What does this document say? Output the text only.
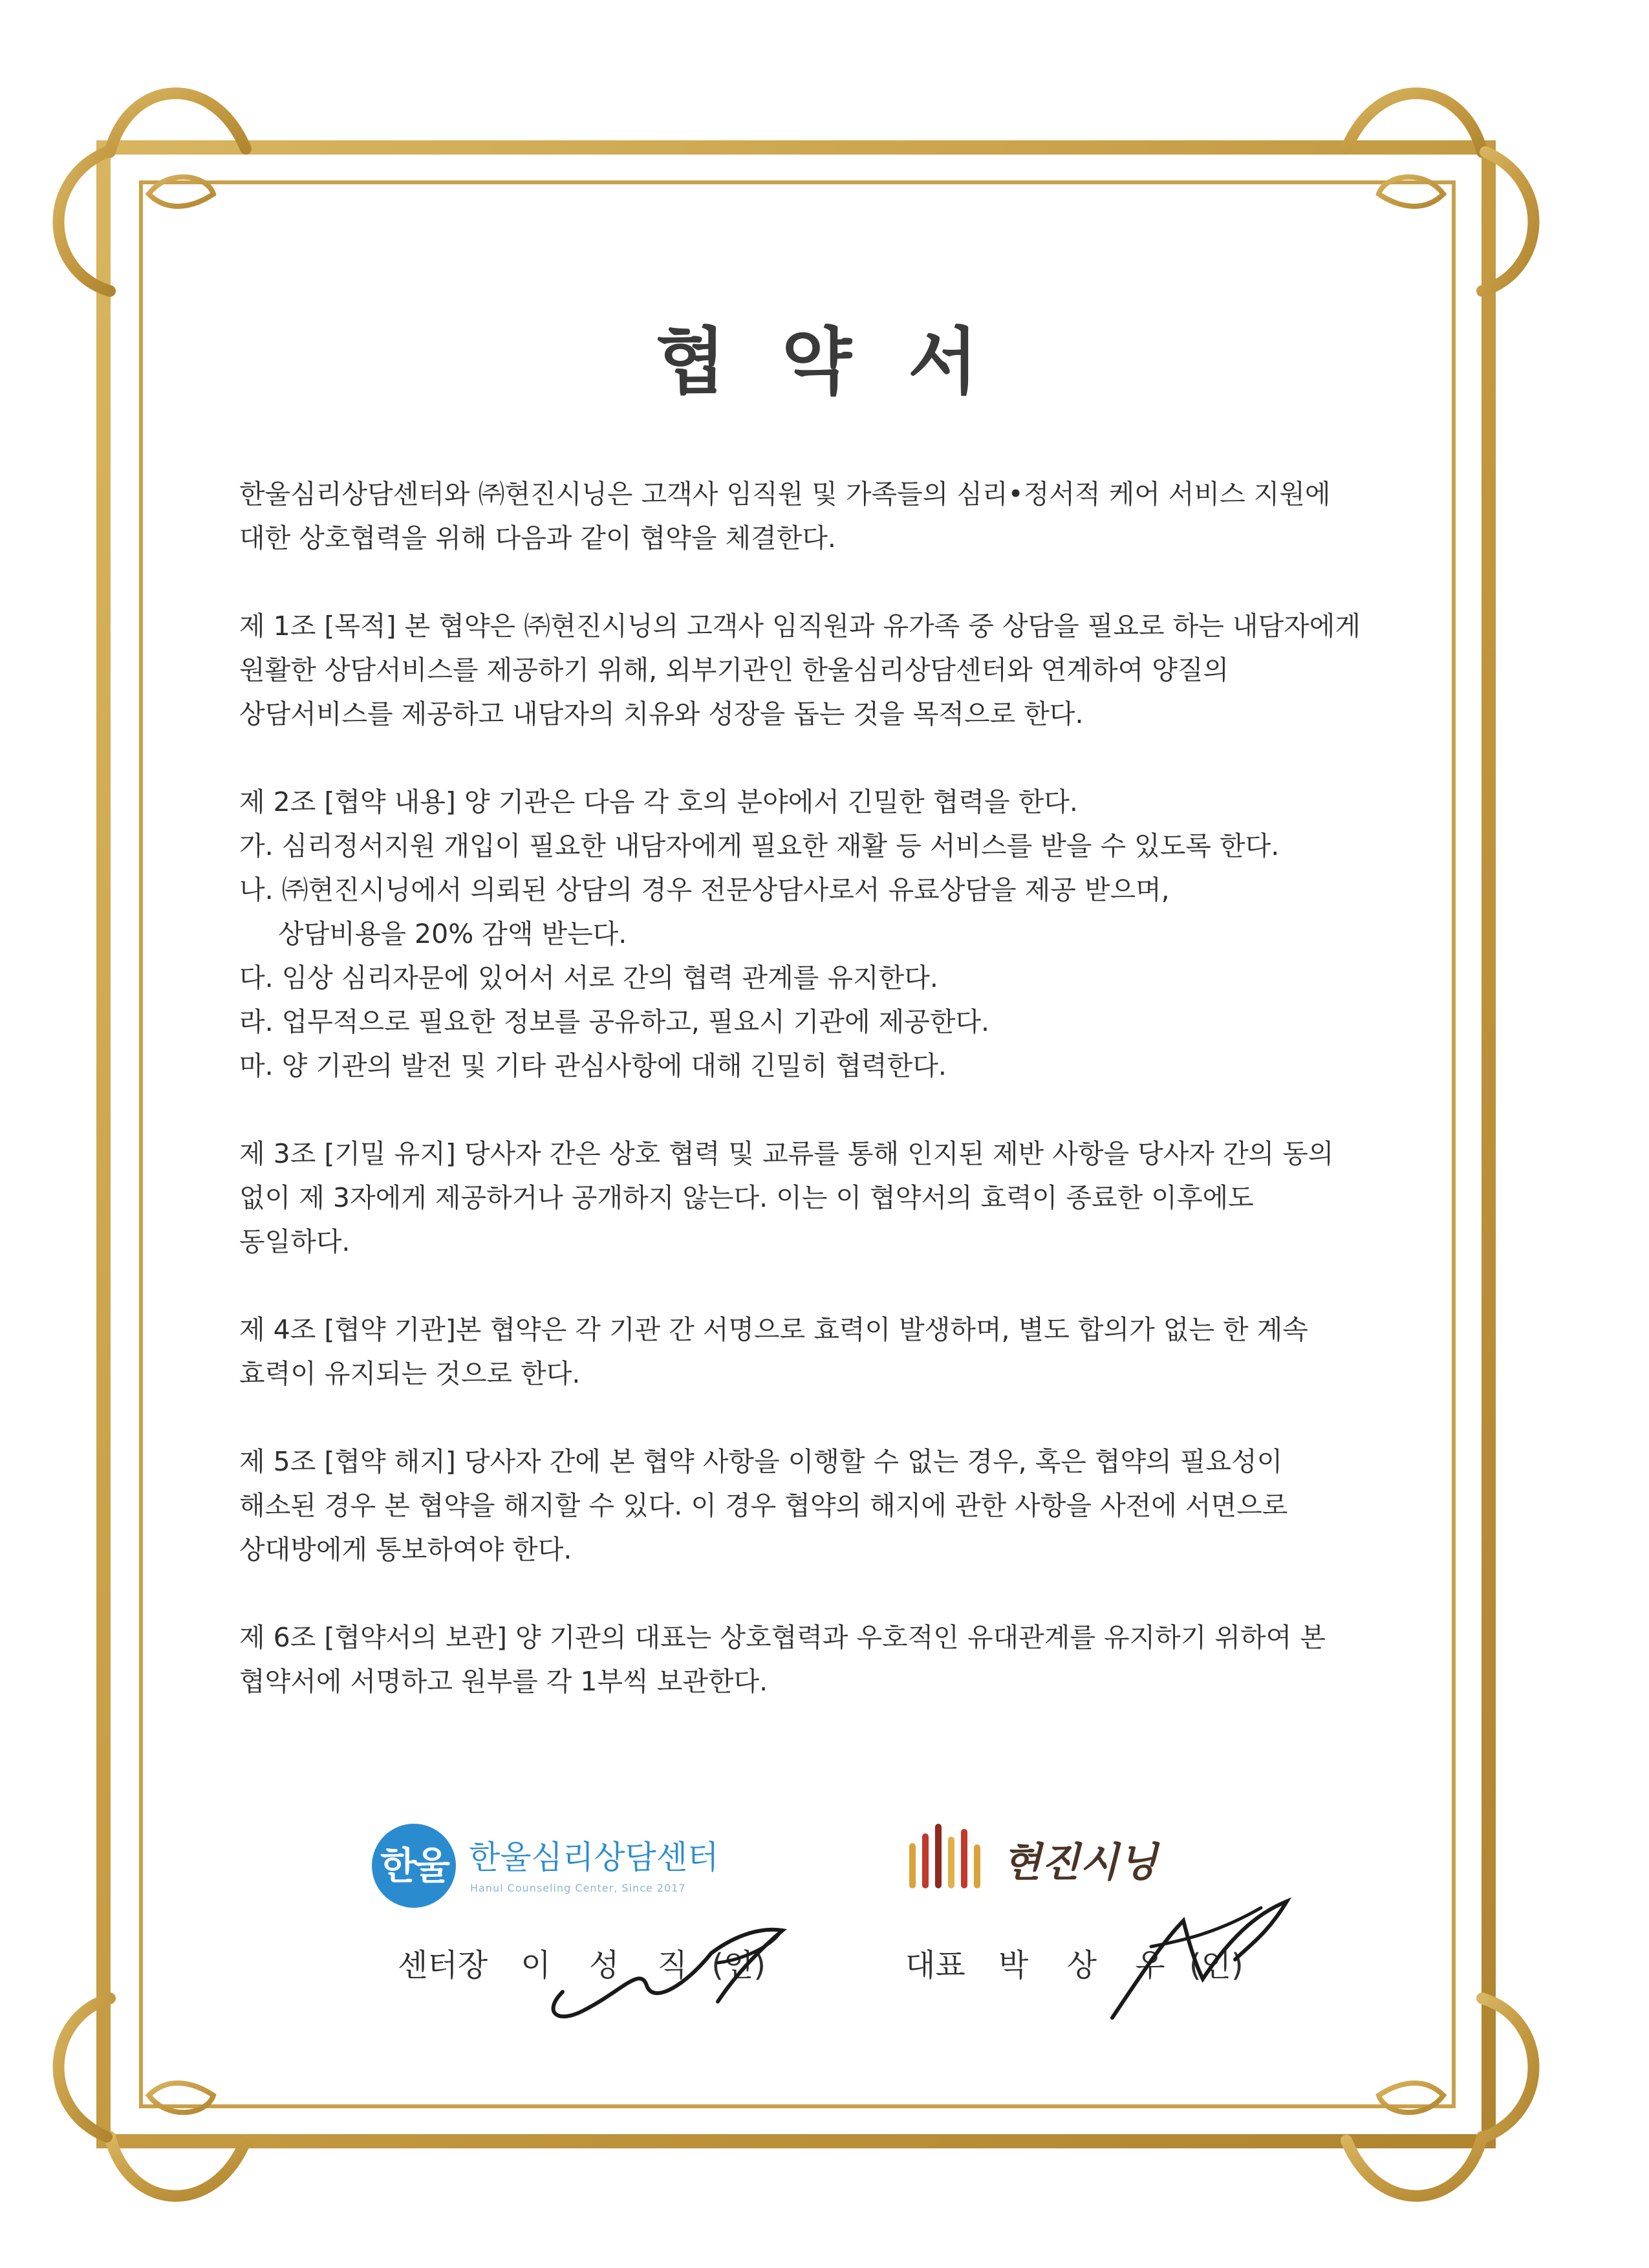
협 약 서
한울심리상담센터와 ㈜현진시닝은 고객사 임직원 및 가족들의 심리•정서적 케어 서비스 지원에
대한 상호협력을 위해 다음과 같이 협약을 체결한다.
제 1조 [목적] 본 협약은 ㈜현진시닝의 고객사 임직원과 유가족 중 상담을 필요로 하는 내담자에게
원활한 상담서비스를 제공하기 위해, 외부기관인 한울심리상담센터와 연계하여 양질의
상담서비스를 제공하고 내담자의 치유와 성장을 돕는 것을 목적으로 한다.
제 2조 [협약 내용] 양 기관은 다음 각 호의 분야에서 긴밀한 협력을 한다.
가. 심리정서지원 개입이 필요한 내담자에게 필요한 재활 등 서비스를 받을 수 있도록 한다.
나. ㈜현진시닝에서 의뢰된 상담의 경우 전문상담사로서 유료상담을 제공 받으며,
상담비용을 20% 감액 받는다.
다. 임상 심리자문에 있어서 서로 간의 협력 관계를 유지한다.
라. 업무적으로 필요한 정보를 공유하고, 필요시 기관에 제공한다.
마. 양 기관의 발전 및 기타 관심사항에 대해 긴밀히 협력한다.
제 3조 [기밀 유지] 당사자 간은 상호 협력 및 교류를 통해 인지된 제반 사항을 당사자 간의 동의
없이 제 3자에게 제공하거나 공개하지 않는다. 이는 이 협약서의 효력이 종료한 이후에도
동일하다.
제 4조 [협약 기관]본 협약은 각 기관 간 서명으로 효력이 발생하며, 별도 합의가 없는 한 계속
효력이 유지되는 것으로 한다.
제 5조 [협약 해지] 당사자 간에 본 협약 사항을 이행할 수 없는 경우, 혹은 협약의 필요성이
해소된 경우 본 협약을 해지할 수 있다. 이 경우 협약의 해지에 관한 사항을 사전에 서면으로
상대방에게 통보하여야 한다.
제 6조 [협약서의 보관] 양 기관의 대표는 상호협력과 우호적인 유대관계를 유지하기 위하여 본
협약서에 서명하고 원부를 각 1부씩 보관한다.
한울 한울심리상담센터
Hanul Counseling Center, Since 2017
현진시닝
센터장 이 성 직 (인)	대표 박 상 우 (인)
